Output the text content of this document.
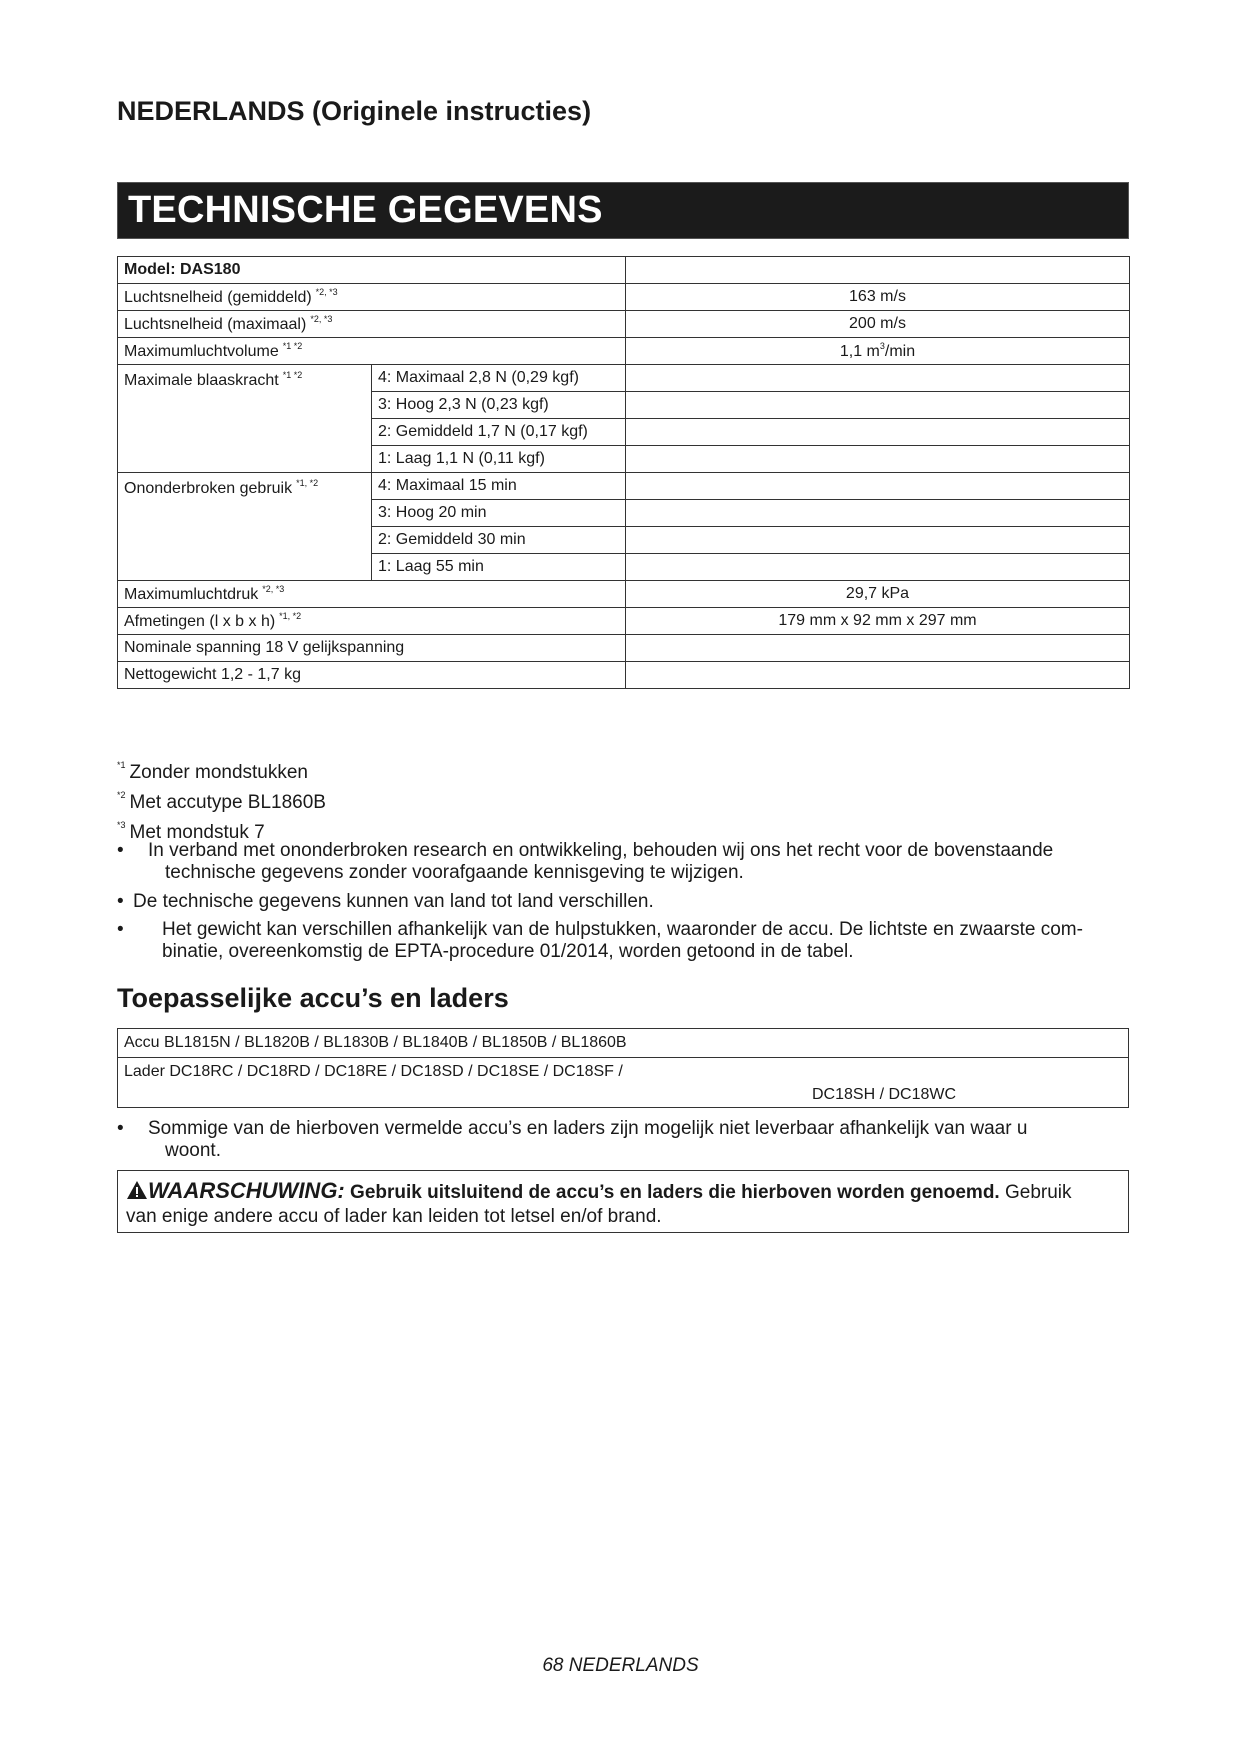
NEDERLANDS (Originele instructies)
TECHNISCHE GEGEVENS
Model: DAS180		
Luchtsnelheid (gemiddeld) $^{*2, *3}$		163 m/s
Luchtsnelheid (maximaal) $^{*2, *3}$		200 m/s
Maximumluchtvolume $^{*1 *2}$		1,1 $m^3/\min$
Maximale blaaskracht $^{*1 *2}$	4: Maximaal 2,8 N (0,29 kgf)	
	3: Hoog 2,3 N (0,23 kgf)	
	2: Gemiddeld 1,7 N (0,17 kgf)	
	1: Laag 1,1 N (0,11 kgf)	
Ononderbroken gebruik $^{*1, *2}$	4: Maximaal 15 min	
	3: Hoog 20 min	
	2: Gemiddeld 30 min	
	1: Laag 55 min	
Maximumluchtdruk $^{*2, *3}$		29,7 kPa
Afmetingen (l x b x h) $^{*1, *2}$		179 mm x 92 mm x 297 mm
Nominale spanning 18 V gelijkspanning		
Nettogewicht 1,2 - 1,7 kg		
$^{*1}$ Zonder mondstukken
$^{*2}$ Met accutype BL1860B
$^{*3}$ Met mondstuk 7
•	In verband met ononderbroken research en ontwikkeling, behouden wij ons het recht voor de bovenstaande
technische gegevens zonder voorafgaande kennisgeving te wijzigen.
• De technische gegevens kunnen van land tot land verschillen.
•	Het gewicht kan verschillen afhankelijk van de hulpstukken, waaronder de accu. De lichtste en zwaarste com-
binatie, overeenkomstig de EPTA-procedure 01/2014, worden getoond in de tabel.
Toepasselijke accu’s en laders
Accu BL1815N / BL1820B / BL1830B / BL1840B / BL1850B / BL1860B

Lader DC18RC / DC18RD / DC18RE / DC18SD / DC18SE / DC18SF /
DC18SH / DC18WC
•	Sommige van de hierboven vermelde accu’s en laders zijn mogelijk niet leverbaar afhankelijk van waar u
woont.
WAARSCHUWING: Gebruik uitsluitend de accu’s en laders die hierboven worden genoemd. Gebruik
van enige andere accu of lader kan leiden tot letsel en/of brand.
68 NEDERLANDS
